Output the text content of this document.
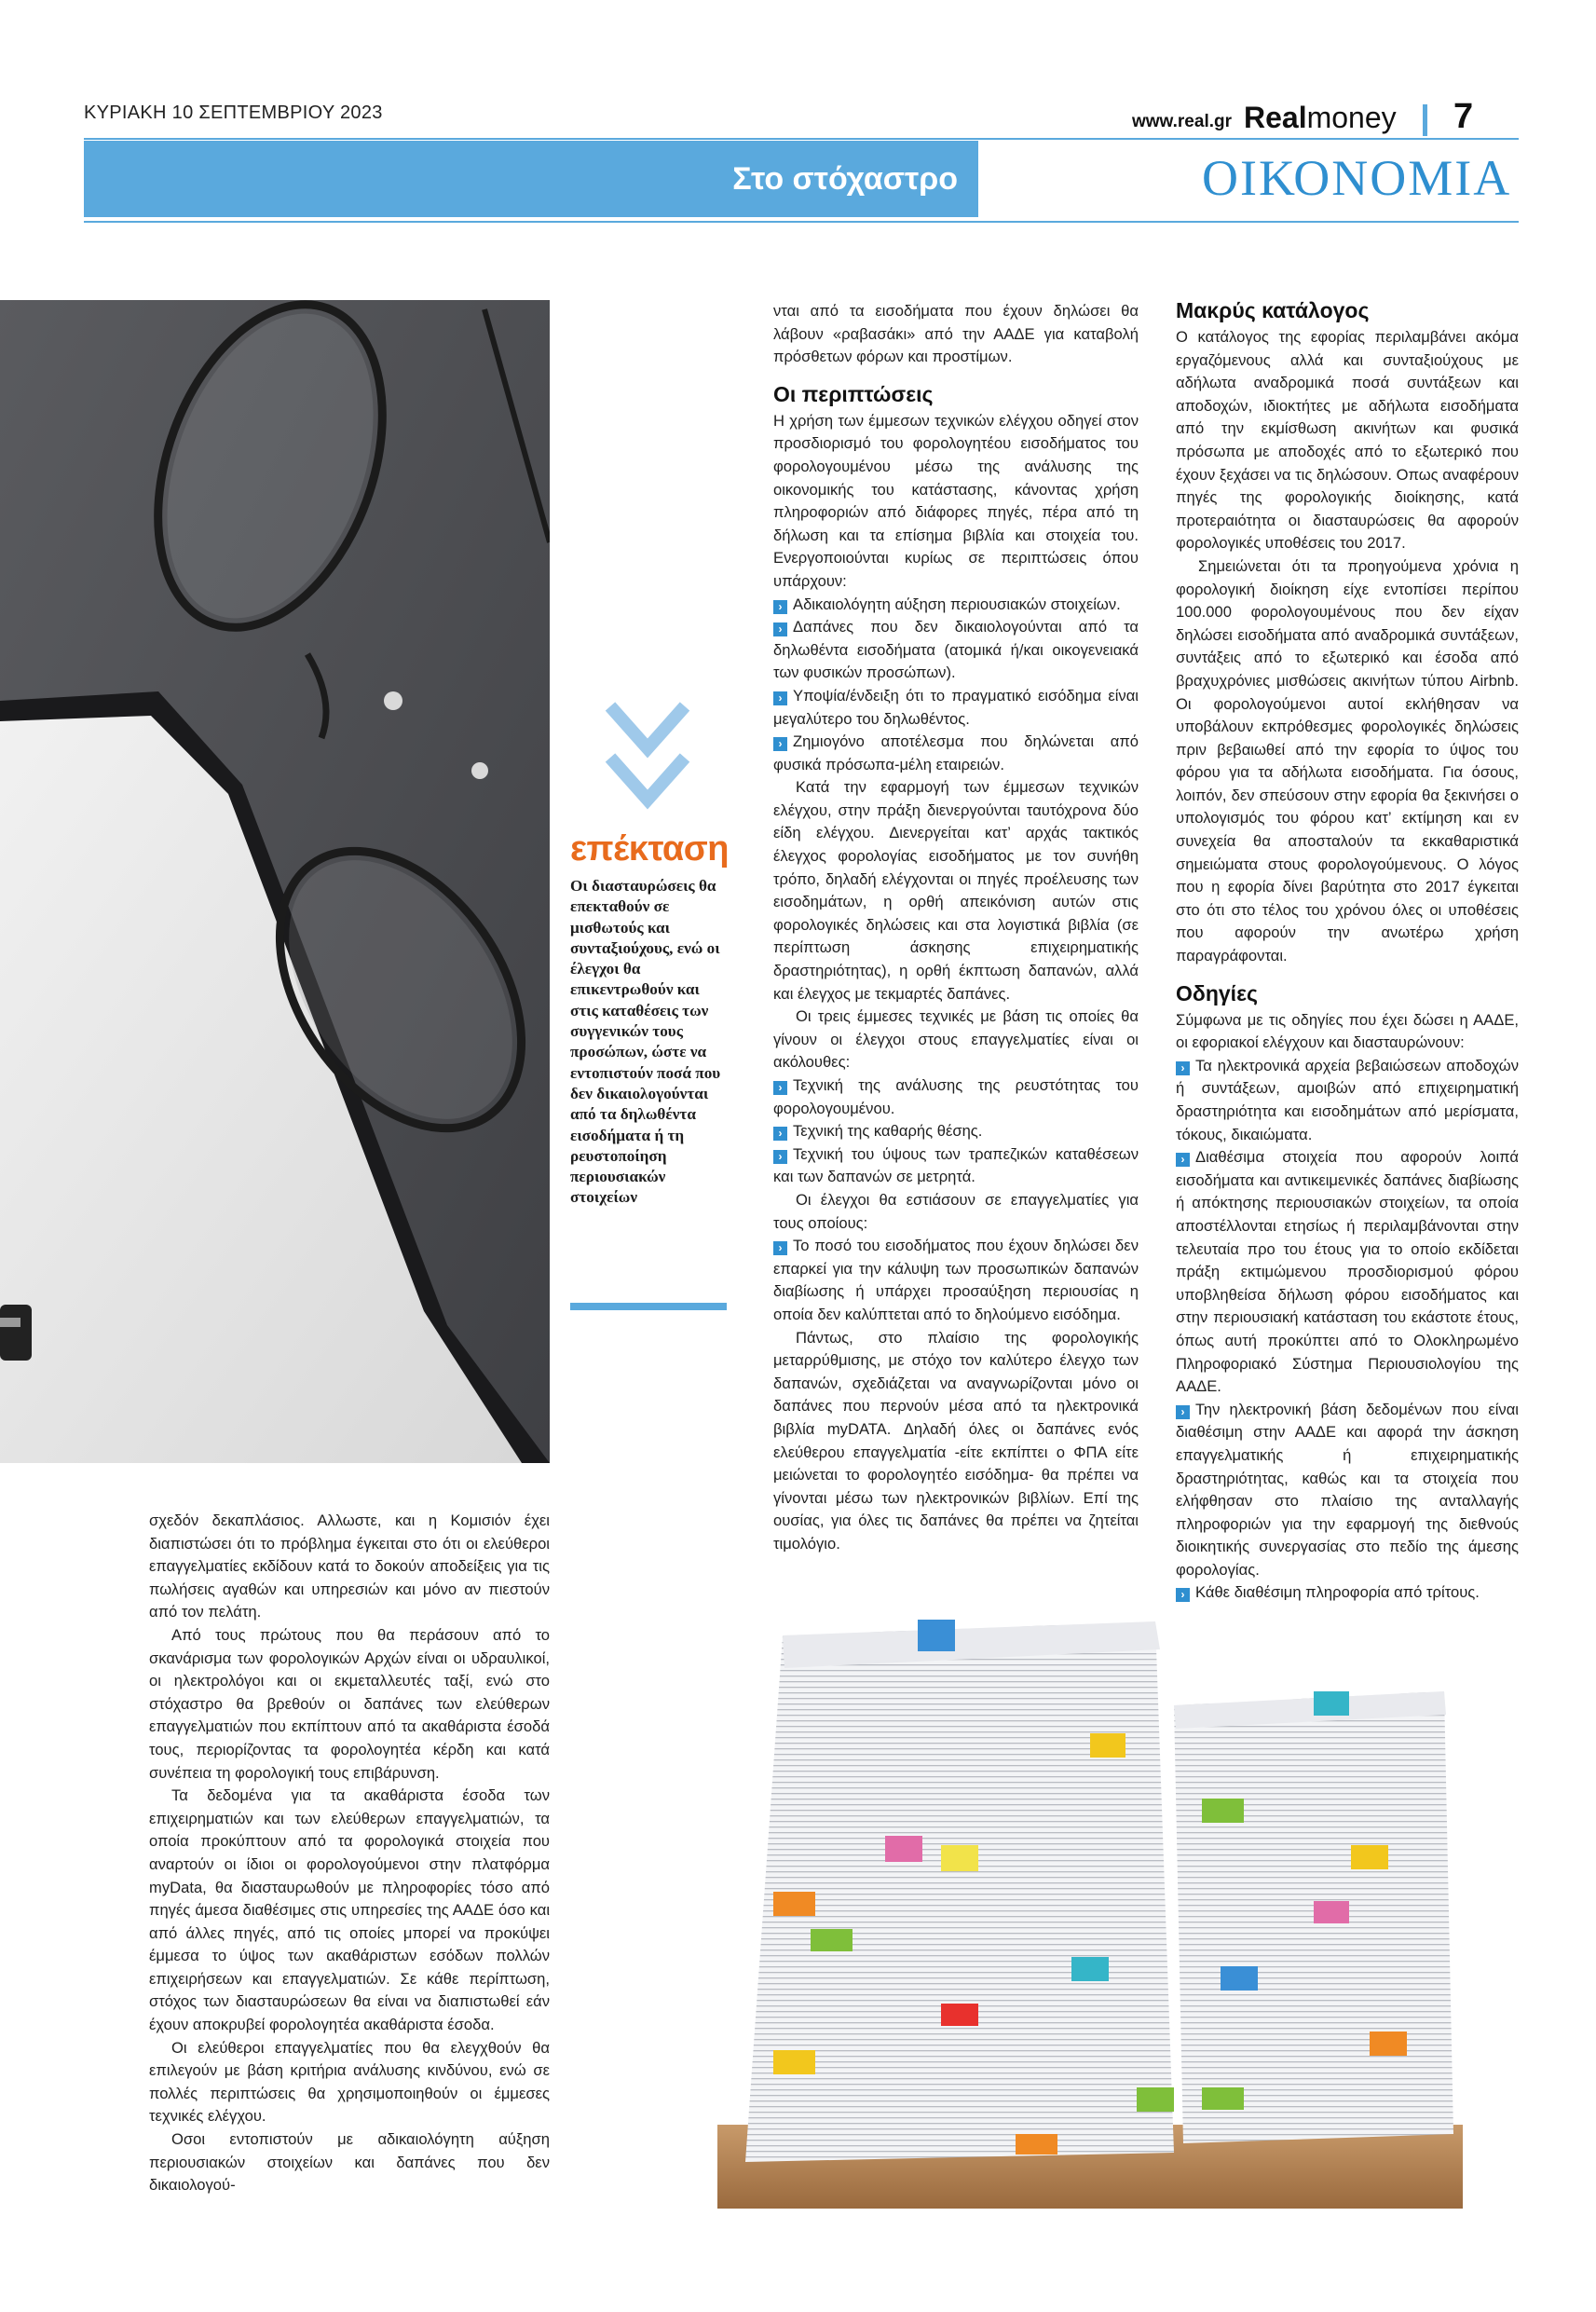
ΚΥΡΙΑΚΗ 10 ΣΕΠΤΕΜΒΡΙΟΥ 2023	www.real.gr Realmoney 7
Στο στόχαστρο	ΟΙΚΟΝΟΜΙΑ
επέκταση
Οι διασταυρώσεις θα επεκταθούν σε μισθωτούς και συνταξιούχους, ενώ οι έλεγχοι θα επικεντρωθούν και στις καταθέσεις των συγγενικών τους προσώπων, ώστε να εντοπιστούν ποσά που δεν δικαιολογούνται από τα δηλωθέντα εισοδήματα ή τη ρευστοποίηση περιουσιακών στοιχείων

νται από τα εισοδήματα που έχουν δηλώσει θα λάβουν «ραβασάκι» από την ΑΑΔΕ για καταβολή πρόσθετων φόρων και προστίμων.

Οι περιπτώσεις

Η χρήση των έμμεσων τεχνικών ελέγχου οδηγεί στον προσδιορισμό του φορολογητέου εισοδήματος του φορολογουμένου μέσω της ανάλυσης της οικονομικής του κατάστασης, κάνοντας χρήση πληροφοριών από διάφορες πηγές, πέρα από τη δήλωση και τα επίσημα βιβλία και στοιχεία του. Ενεργοποιούνται κυρίως σε περιπτώσεις όπου υπάρχουν:

› Αδικαιολόγητη αύξηση περιουσιακών στοιχείων.
› Δαπάνες που δεν δικαιολογούνται από τα δηλωθέντα εισοδήματα (ατομικά ή/και οικογενειακά των φυσικών προσώπων).
› Υποψία/ένδειξη ότι το πραγματικό εισόδημα είναι μεγαλύτερο του δηλωθέντος.
› Ζημιογόνο αποτέλεσμα που δηλώνεται από φυσικά πρόσωπα-μέλη εταιρειών.

Κατά την εφαρμογή των έμμεσων τεχνικών ελέγχου, στην πράξη διενεργούνται ταυτόχρονα δύο είδη ελέγχου. Διενεργείται κατ’ αρχάς τακτικός έλεγχος φορολογίας εισοδήματος με τον συνήθη τρόπο, δηλαδή ελέγχονται οι πηγές προέλευσης των εισοδημάτων, η ορθή απεικόνιση αυτών στις φορολογικές δηλώσεις και στα λογιστικά βιβλία (σε περίπτωση άσκησης επιχειρηματικής δραστηριότητας), η ορθή έκπτωση δαπανών, αλλά και έλεγχος με τεκμαρτές δαπάνες.

Οι τρεις έμμεσες τεχνικές με βάση τις οποίες θα γίνουν οι έλεγχοι στους επαγγελματίες είναι οι ακόλουθες:

› Τεχνική της ανάλυσης της ρευστότητας του φορολογουμένου.
› Τεχνική της καθαρής θέσης.
› Τεχνική του ύψους των τραπεζικών καταθέσεων και των δαπανών σε μετρητά.

Οι έλεγχοι θα εστιάσουν σε επαγγελματίες για τους οποίους:

› Το ποσό του εισοδήματος που έχουν δηλώσει δεν επαρκεί για την κάλυψη των προσωπικών δαπανών διαβίωσης ή υπάρχει προσαύξηση περιουσίας η οποία δεν καλύπτεται από το δηλούμενο εισόδημα.

Πάντως, στο πλαίσιο της φορολογικής μεταρρύθμισης, με στόχο τον καλύτερο έλεγχο των δαπανών, σχεδιάζεται να αναγνωρίζονται μόνο οι δαπάνες που περνούν μέσα από τα ηλεκτρονικά βιβλία myDATA. Δηλαδή όλες οι δαπάνες ενός ελεύθερου επαγγελματία -είτε εκπίπτει ο ΦΠΑ είτε μειώνεται το φορολογητέο εισόδημα- θα πρέπει να γίνονται μέσω των ηλεκτρονικών βιβλίων. Επί της ουσίας, για όλες τις δαπάνες θα πρέπει να ζητείται τιμολόγιο.

Μακρύς κατάλογος

Ο κατάλογος της εφορίας περιλαμβάνει ακόμα εργαζόμενους αλλά και συνταξιούχους με αδήλωτα αναδρομικά ποσά συντάξεων και αποδοχών, ιδιοκτήτες με αδήλωτα εισοδήματα από την εκμίσθωση ακινήτων και φυσικά πρόσωπα με αποδοχές από το εξωτερικό που έχουν ξεχάσει να τις δηλώσουν. Οπως αναφέρουν πηγές της φορολογικής διοίκησης, κατά προτεραιότητα οι διασταυρώσεις θα αφορούν φορολογικές υποθέσεις του 2017.

Σημειώνεται ότι τα προηγούμενα χρόνια η φορολογική διοίκηση είχε εντοπίσει περίπου 100.000 φορολογουμένους που δεν είχαν δηλώσει εισοδήματα από αναδρομικά συντάξεων, συντάξεις από το εξωτερικό και έσοδα από βραχυχρόνιες μισθώσεις ακινήτων τύπου Airbnb. Οι φορολογούμενοι αυτοί εκλήθησαν να υποβάλουν εκπρόθεσμες φορολογικές δηλώσεις πριν βεβαιωθεί από την εφορία το ύψος του φόρου για τα αδήλωτα εισοδήματα. Για όσους, λοιπόν, δεν σπεύσουν στην εφορία θα ξεκινήσει ο υπολογισμός του φόρου κατ’ εκτίμηση και εν συνεχεία θα αποσταλούν τα εκκαθαριστικά σημειώματα στους φορολογούμενους. Ο λόγος που η εφορία δίνει βαρύτητα στο 2017 έγκειται στο ότι στο τέλος του χρόνου όλες οι υποθέσεις που αφορούν την ανωτέρω χρήση παραγράφονται.

Οδηγίες

Σύμφωνα με τις οδηγίες που έχει δώσει η ΑΑΔΕ, οι εφοριακοί ελέγχουν και διασταυρώνουν:

› Τα ηλεκτρονικά αρχεία βεβαιώσεων αποδοχών ή συντάξεων, αμοιβών από επιχειρηματική δραστηριότητα και εισοδημάτων από μερίσματα, τόκους, δικαιώματα.
› Διαθέσιμα στοιχεία που αφορούν λοιπά εισοδήματα και αντικειμενικές δαπάνες διαβίωσης ή απόκτησης περιουσιακών στοιχείων, τα οποία αποστέλλονται ετησίως ή περιλαμβάνονται στην τελευταία προ του έτους για το οποίο εκδίδεται πράξη εκτιμώμενου προσδιορισμού φόρου υποβληθείσα δήλωση φόρου εισοδήματος και στην περιουσιακή κατάσταση του εκάστοτε έτους, όπως αυτή προκύπτει από το Ολοκληρωμένο Πληροφοριακό Σύστημα Περιουσιολογίου της ΑΑΔΕ.
› Την ηλεκτρονική βάση δεδομένων που είναι διαθέσιμη στην ΑΑΔΕ και αφορά την άσκηση επαγγελματικής ή επιχειρηματικής δραστηριότητας, καθώς και τα στοιχεία που ελήφθησαν στο πλαίσιο της ανταλλαγής πληροφοριών για την εφαρμογή της διεθνούς διοικητικής συνεργασίας στο πεδίο της άμεσης φορολογίας.
› Κάθε διαθέσιμη πληροφορία από τρίτους.

σχεδόν δεκαπλάσιος. Αλλωστε, και η Κομισιόν έχει διαπιστώσει ότι το πρόβλημα έγκειται στο ότι οι ελεύθεροι επαγγελματίες εκδίδουν κατά το δοκούν αποδείξεις για τις πωλήσεις αγαθών και υπηρεσιών και μόνο αν πιεστούν από τον πελάτη.

Από τους πρώτους που θα περάσουν από το σκανάρισμα των φορολογικών Αρχών είναι οι υδραυλικοί, οι ηλεκτρολόγοι και οι εκμεταλλευτές ταξί, ενώ στο στόχαστρο θα βρεθούν οι δαπάνες των ελεύθερων επαγγελματιών που εκπίπτουν από τα ακαθάριστα έσοδά τους, περιορίζοντας τα φορολογητέα κέρδη και κατά συνέπεια τη φορολογική τους επιβάρυνση.

Τα δεδομένα για τα ακαθάριστα έσοδα των επιχειρηματιών και των ελεύθερων επαγγελματιών, τα οποία προκύπτουν από τα φορολογικά στοιχεία που αναρτούν οι ίδιοι οι φορολογούμενοι στην πλατφόρμα myData, θα διασταυρωθούν με πληροφορίες τόσο από πηγές άμεσα διαθέσιμες στις υπηρεσίες της ΑΑΔΕ όσο και από άλλες πηγές, από τις οποίες μπορεί να προκύψει έμμεσα το ύψος των ακαθάριστων εσόδων πολλών επιχειρήσεων και επαγγελματιών. Σε κάθε περίπτωση, στόχος των διασταυρώσεων θα είναι να διαπιστωθεί εάν έχουν αποκρυβεί φορολογητέα ακαθάριστα έσοδα.

Οι ελεύθεροι επαγγελματίες που θα ελεγχθούν θα επιλεγούν με βάση κριτήρια ανάλυσης κινδύνου, ενώ σε πολλές περιπτώσεις θα χρησιμοποιηθούν οι έμμεσες τεχνικές ελέγχου.

Οσοι εντοπιστούν με αδικαιολόγητη αύξηση περιουσιακών στοιχείων και δαπάνες που δεν δικαιολογού-
